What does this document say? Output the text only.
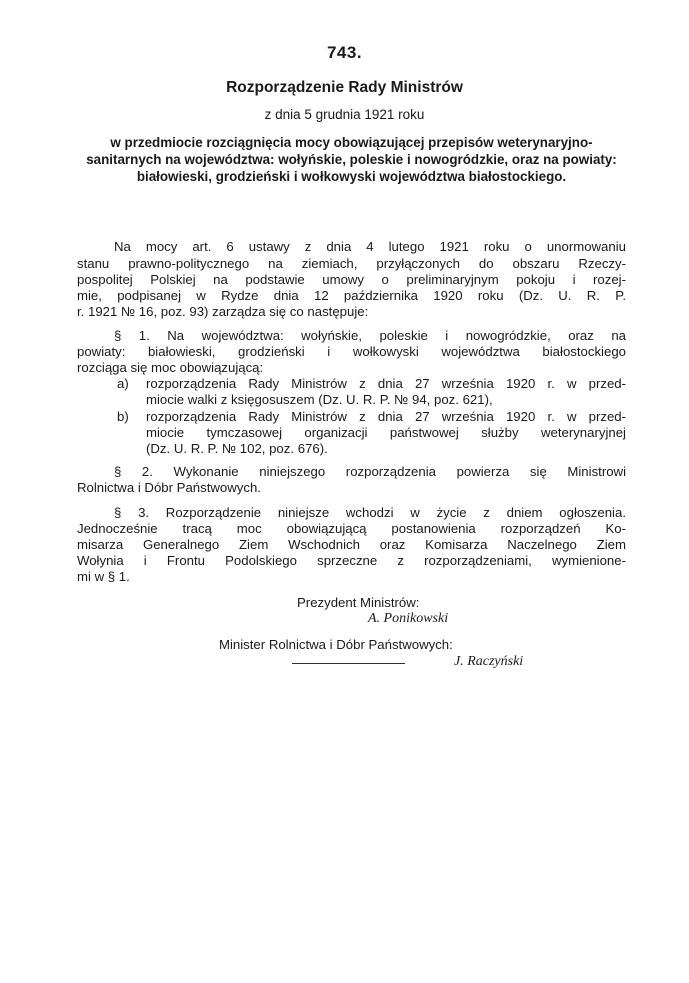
743.
Rozporządzenie Rady Ministrów
z dnia 5 grudnia 1921 roku
w przedmiocie rozciągnięcia mocy obowiązującej przepisów weterynaryjno-sanitarnych na województwa: wołyńskie, poleskie i nowogródzkie, oraz na powiaty: białowieski, grodzieński i wołkowyski województwa białostockiego.
Na mocy art. 6 ustawy z dnia 4 lutego 1921 roku o unormowaniu
stanu prawno-politycznego na ziemiach, przyłączonych do obszaru Rzeczy-
pospolitej Polskiej na podstawie umowy o preliminaryjnym pokoju i rozej-
mie, podpisanej w Rydze dnia 12 października 1920 roku (Dz. U. R. P.
r. 1921 № 16, poz. 93) zarządza się co następuje:
§ 1. Na województwa: wołyńskie, poleskie i nowogródzkie, oraz na
powiaty: białowieski, grodzieński i wołkowyski województwa białostockiego
rozciąga się moc obowiązującą:
a) rozporządzenia Rady Ministrów z dnia 27 września 1920 r. w przed-
miocie walki z księgosuszem (Dz. U. R. P. № 94, poz. 621),
b) rozporządzenia Rady Ministrów z dnia 27 września 1920 r. w przed-
miocie tymczasowej organizacji państwowej służby weterynaryjnej
(Dz. U. R. P. № 102, poz. 676).
§ 2. Wykonanie niniejszego rozporządzenia powierza się Ministrowi
Rolnictwa i Dóbr Państwowych.
§ 3. Rozporządzenie niniejsze wchodzi w życie z dniem ogłoszenia.
Jednocześnie tracą moc obowiązującą postanowienia rozporządzeń Ko-
misarza Generalnego Ziem Wschodnich oraz Komisarza Naczelnego Ziem
Wołynia i Frontu Podolskiego sprzeczne z rozporządzeniami, wymienione-
mi w § 1.
Prezydent Ministrów:
A. Ponikowski
Minister Rolnictwa i Dóbr Państwowych:
J. Raczyński
